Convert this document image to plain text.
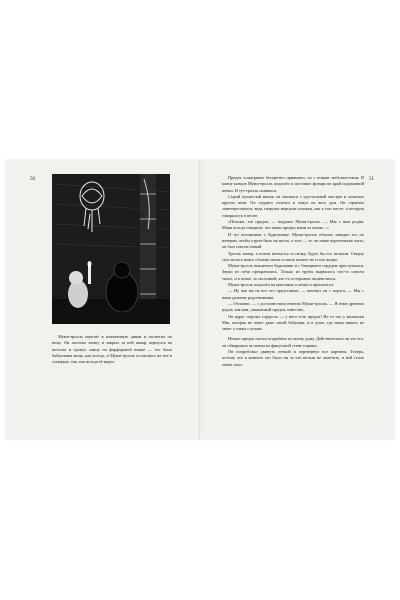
50	51

Муми-тролль перелёг в плавленную диван и посветил по нему. Он погасил лампу и закрыл за ней шкаф, вернулся на потолке и тронул лампу на фарфоровой ножке — это была бабушкина вещь, как всегда, и Муми-тролль посмотрел на неё в сумерках, так, как всегда её видел.

Предок осматривал бесцветно привычно, но с новым любопытством. В конце концов Муми-тролль подошёл и поставил фонарь на край подоконной печки. И тут тролль появился.

Серый пушистый мячик он свалился с хрустальной люстры и заскочил кругом печи. Он сердито глотнул и ахнул на весь дом. Он страшно заинтересовался, ведь снаружи мерцали огоньки, как в том месте, о котором говорилось в песне.

«Похоже, это предок, — подумал Муми-тролль. — Мы с ним родня. Мама всегда говорила, что наши предки жили за печью...»

И тут вспомнили о будильнике. Муми-тролль обычно заводил его по вечерам, чтобы утром быть на ногах, а этот — то ли такие коротенькие часы, он был совсем новый.

Тролль замер, а потом метнулся за печку, будто бы его позвали. Сверху спустилось новое облачко пыли и опять ничего не стало видно.

Муми-тролль выключил будильник и с бьющимся сердцем прислушался. Звуки из печи прекратились. Только из трубы вырвалось что-то совсем тихое, и в печке, за заслонкой, кто-то осторожно зашевелился.

Муми-тролль подошёл на цыпочках к печке и прошептал:

— Ну как вы на вот это представьте, — шепнул он с порога, — Мы с вами дальние родственники.

— Отлично, — с достоинством ответил Муми-тролль. — Я знаю древних родов, как вам, уважаемый предок, известно.

Он вдруг ощутил гордость — у него есть предок! Не то что у малышки Мю, которая не знает даже своей бабушки, и в доме, где мама ничего не знает о таких случаях.

Ночью предок сказал огорчённо по всему дому. Действительно ли это его, он обнаружил за окном на фикусовой стене горшки.

Он попробовал двинуть печкой и перевернул все картины. Теперь, потому что в комнате это было ни за что нельзя не заметить, в ней стало очень тихо.
